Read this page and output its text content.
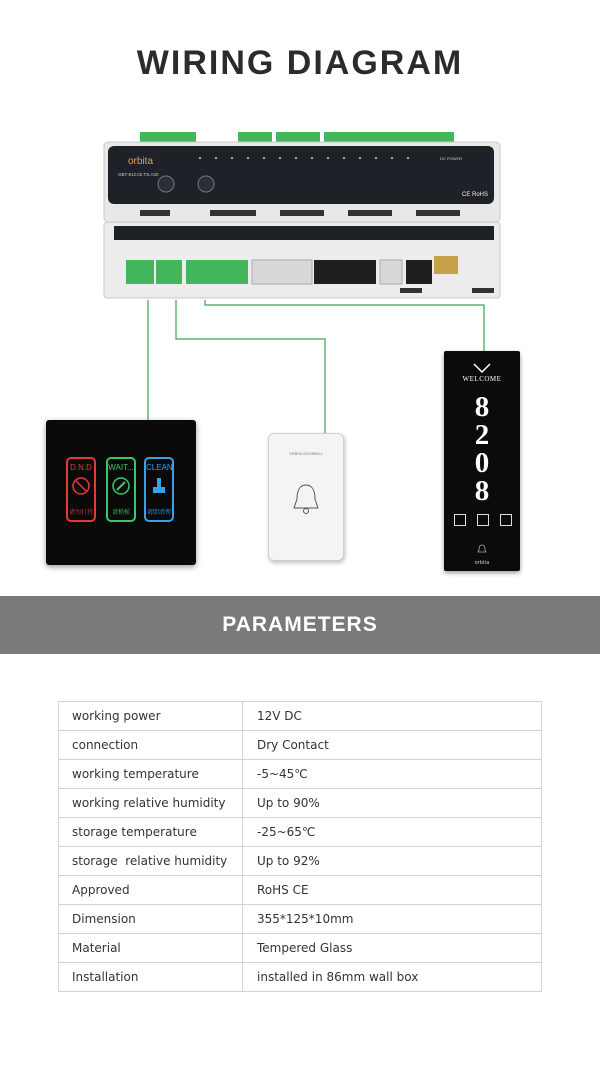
WIRING DIAGRAM
orbita
OBT-812.02.TS.A20
CE RoHS
DC POWER
D.N.D
请勿打扰
WAIT...
请稍候
CLEAN
请即清理
ORBITA DOORBELL
WELCOME
8
2
0
8
orbita
PARAMETERS
working power	12V DC
connection	Dry Contact
working temperature	-5~45℃
working relative humidity	Up to 90%
storage temperature	-25~65℃
storage  relative humidity	Up to 92%
Approved	RoHS CE
Dimension	355*125*10mm
Material	Tempered Glass
Installation	installed in 86mm wall box
